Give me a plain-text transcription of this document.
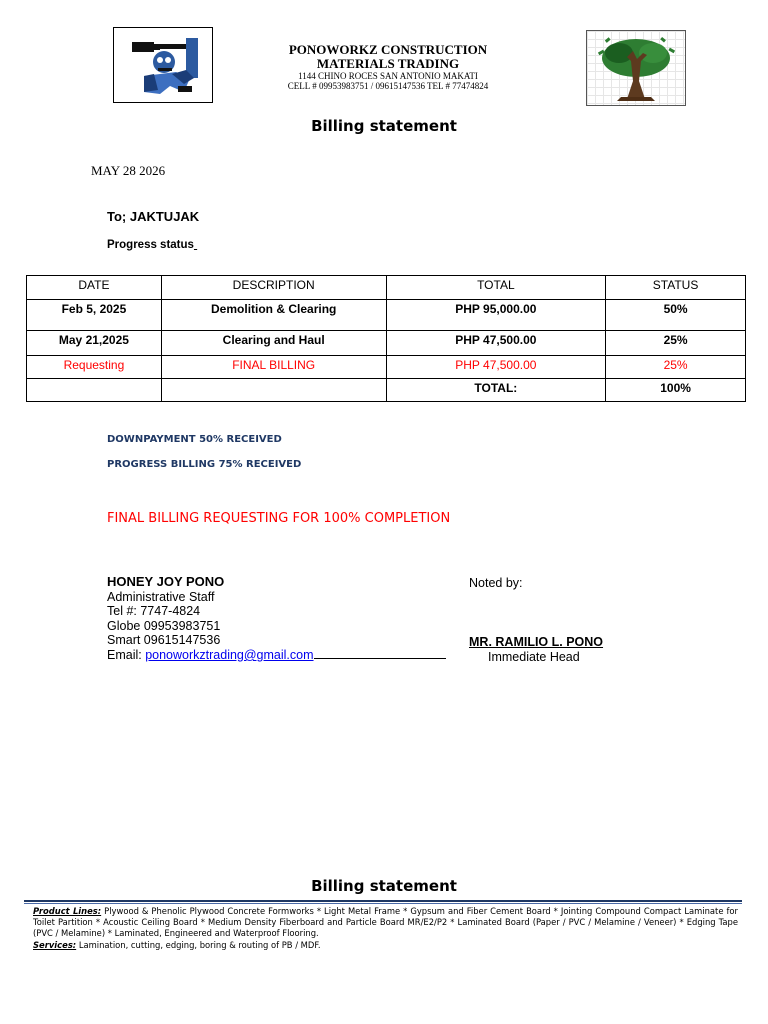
PONOWORKZ CONSTRUCTION
MATERIALS TRADING
1144 CHINO ROCES SAN ANTONIO MAKATI
CELL # 09953983751 / 09615147536 TEL # 77474824
Billing statement
MAY 28 2026
To; JAKTUJAK
Progress status
DATE	DESCRIPTION	TOTAL	STATUS
Feb 5, 2025	Demolition & Clearing	PHP 95,000.00	50%
May 21,2025	Clearing and Haul	PHP 47,500.00	25%
Requesting	FINAL BILLING	PHP 47,500.00	25%
		TOTAL:	100%
DOWNPAYMENT 50% RECEIVED
PROGRESS BILLING 75% RECEIVED
FINAL BILLING REQUESTING FOR 100% COMPLETION
HONEY JOY PONO
Administrative Staff
Tel #: 7747-4824
Globe 09953983751
Smart 09615147536
Email: ponoworkztrading@gmail.com
Noted by:
MR. RAMILIO L. PONO
Immediate Head
Billing statement
Product Lines: Plywood & Phenolic Plywood Concrete Formworks * Light Metal Frame * Gypsum and Fiber Cement Board * Jointing Compound Compact Laminate for Toilet Partition * Acoustic Ceiling Board * Medium Density Fiberboard and Particle Board MR/E2/P2 * Laminated Board (Paper / PVC / Melamine / Veneer) * Edging Tape (PVC / Melamine) * Laminated, Engineered and Waterproof Flooring.
Services: Lamination, cutting, edging, boring & routing of PB / MDF.
